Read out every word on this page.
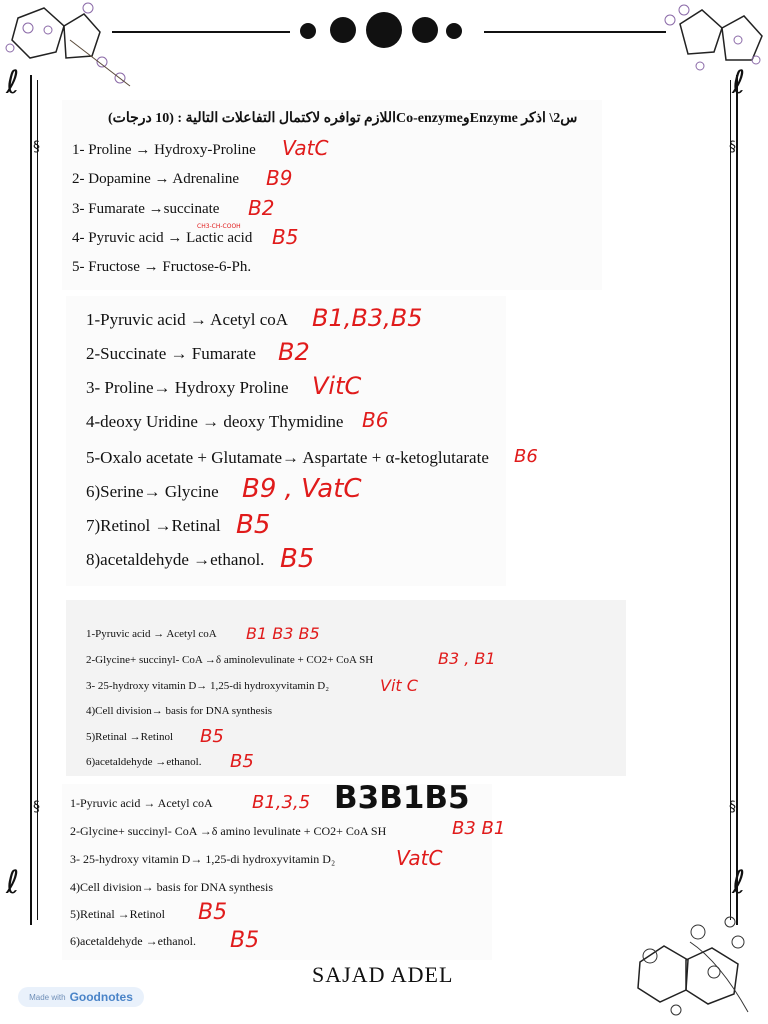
ℓ	ℓ
ℓ	ℓ
§
§
§
§
س2\ اذكر EnzymeوCo-enzymeاللازم توافره لاكتمال التفاعلات التالية : (10 درجات)
1- Proline → Hydroxy-Proline
2- Dopamine → Adrenaline
3- Fumarate →succinate
4- Pyruvic acid → Lactic acid
5- Fructose → Fructose-6-Ph.
VatC
B9
B2
B5
CH3-CH-COOH
1-Pyruvic acid → Acetyl coA
2-Succinate → Fumarate
3- Proline→ Hydroxy Proline
4-deoxy Uridine → deoxy Thymidine
5-Oxalo acetate + Glutamate→ Aspartate + α-ketoglutarate
6)Serine→ Glycine
7)Retinol →Retinal
8)acetaldehyde →ethanol.
B1,B3,B5
B2
VitC
B6
B6
B9 , VatC
B5
B5
1-Pyruvic acid → Acetyl coA
2-Glycine+ succinyl- CoA →δ aminolevulinate + CO2+ CoA SH
3- 25-hydroxy vitamin D→ 1,25-di hydroxyvitamin D₂
4)Cell division→ basis for DNA synthesis
5)Retinal →Retinol
6)acetaldehyde →ethanol.
B1 B3 B5
B3 , B1
Vit C
B5
B5
B3B1B5
1-Pyruvic acid → Acetyl coA
2-Glycine+ succinyl- CoA →δ amino levulinate + CO2+ CoA SH
3- 25-hydroxy vitamin D→ 1,25-di hydroxyvitamin D₂
4)Cell division→ basis for DNA synthesis
5)Retinal →Retinol
6)acetaldehyde →ethanol.
B1,3,5
B3 B1
VatC
B5
B5
SAJAD ADEL
Made with Goodnotes
